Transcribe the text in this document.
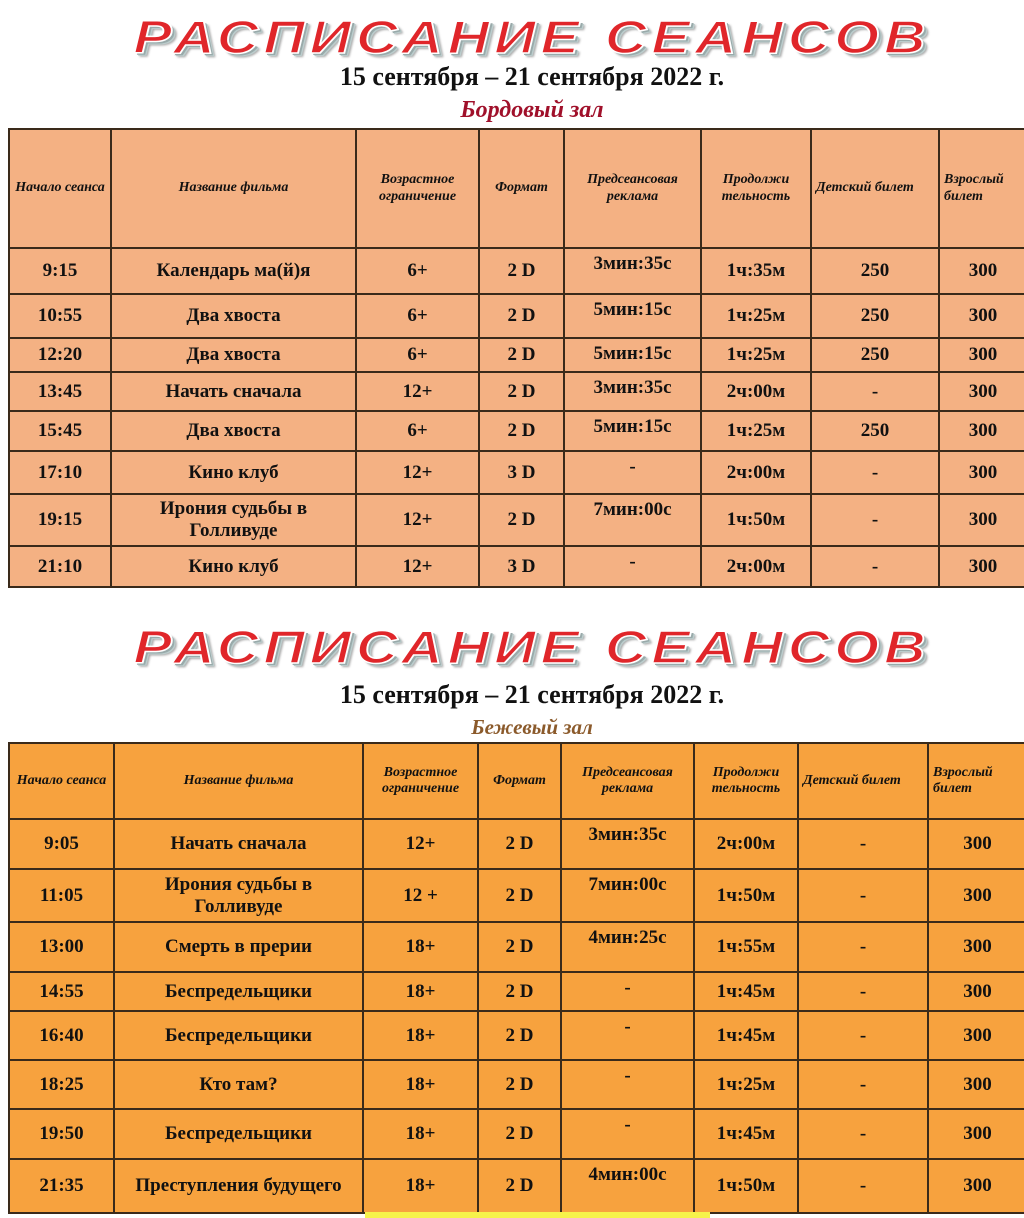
РАСПИСАНИЕ СЕАНСОВ
15 сентября – 21 сентября 2022 г.
Бордовый зал
Начало сеанса	Название фильма	Возрастное ограничение	Формат	Предсеансовая реклама	Продолжи тельность	Детский билет	Взрослый билет
9:15	Календарь ма(й)я	6+	2 D	3мин:35с	1ч:35м	250	300
10:55	Два хвоста	6+	2 D	5мин:15с	1ч:25м	250	300
12:20	Два хвоста	6+	2 D	5мин:15с	1ч:25м	250	300
13:45	Начать сначала	12+	2 D	3мин:35с	2ч:00м	-	300
15:45	Два хвоста	6+	2 D	5мин:15с	1ч:25м	250	300
17:10	Кино клуб	12+	3 D	-	2ч:00м	-	300
19:15	Ирония судьбы в Голливуде	12+	2 D	7мин:00с	1ч:50м	-	300
21:10	Кино клуб	12+	3 D	-	2ч:00м	-	300
РАСПИСАНИЕ СЕАНСОВ
15 сентября – 21 сентября 2022 г.
Бежевый зал
Начало сеанса	Название фильма	Возрастное ограничение	Формат	Предсеансовая реклама	Продолжи тельность	Детский билет	Взрослый билет
9:05	Начать сначала	12+	2 D	3мин:35с	2ч:00м	-	300
11:05	Ирония судьбы в Голливуде	12 +	2 D	7мин:00с	1ч:50м	-	300
13:00	Смерть в прерии	18+	2 D	4мин:25с	1ч:55м	-	300
14:55	Беспредельщики	18+	2 D	-	1ч:45м	-	300
16:40	Беспредельщики	18+	2 D	-	1ч:45м	-	300
18:25	Кто там?	18+	2 D	-	1ч:25м	-	300
19:50	Беспредельщики	18+	2 D	-	1ч:45м	-	300
21:35	Преступления будущего	18+	2 D	4мин:00с	1ч:50м	-	300
